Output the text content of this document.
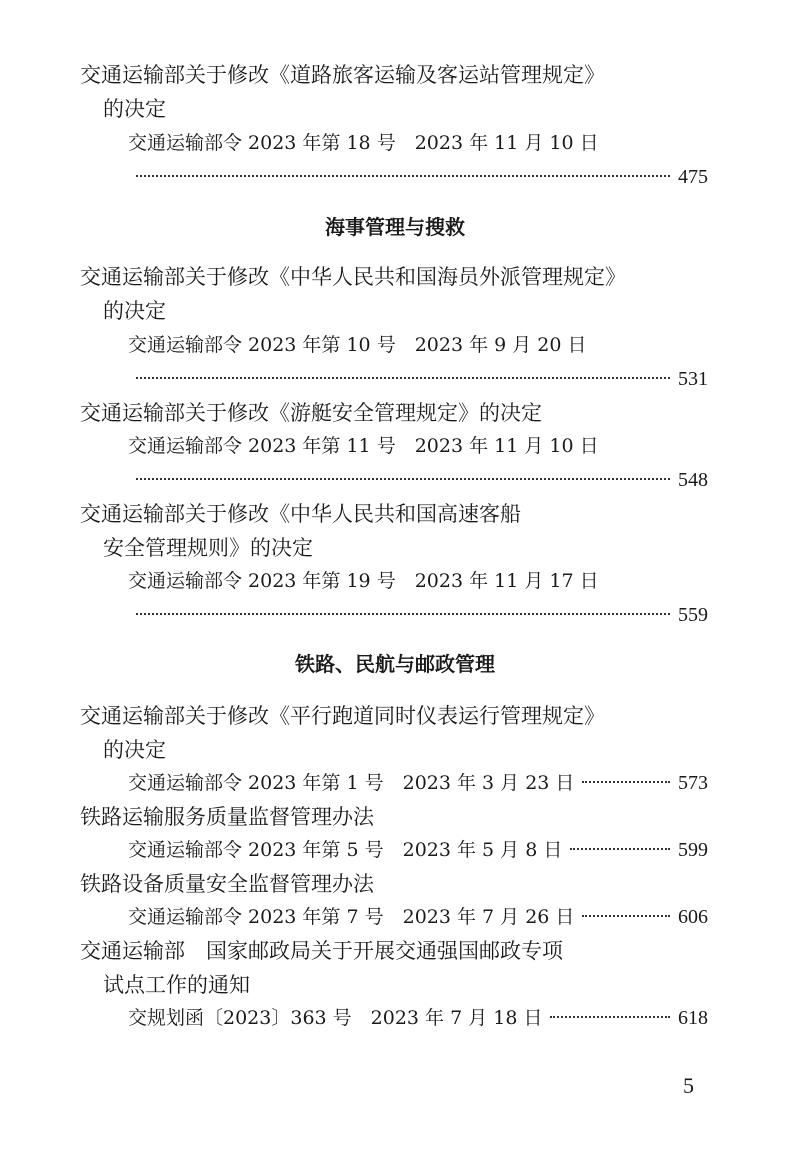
交通运输部关于修改《道路旅客运输及客运站管理规定》
的决定
交通运输部令 2023 年第 18 号　2023 年 11 月 10 日
475
海事管理与搜救
交通运输部关于修改《中华人民共和国海员外派管理规定》
的决定
交通运输部令 2023 年第 10 号　2023 年 9 月 20 日
531
交通运输部关于修改《游艇安全管理规定》的决定
交通运输部令 2023 年第 11 号　2023 年 11 月 10 日
548
交通运输部关于修改《中华人民共和国高速客船
安全管理规则》的决定
交通运输部令 2023 年第 19 号　2023 年 11 月 17 日
559
铁路、民航与邮政管理
交通运输部关于修改《平行跑道同时仪表运行管理规定》
的决定
交通运输部令 2023 年第 1 号　2023 年 3 月 23 日	573
铁路运输服务质量监督管理办法
交通运输部令 2023 年第 5 号　2023 年 5 月 8 日	599
铁路设备质量安全监督管理办法
交通运输部令 2023 年第 7 号　2023 年 7 月 26 日	606
交通运输部　国家邮政局关于开展交通强国邮政专项
试点工作的通知
交规划函〔2023〕363 号　2023 年 7 月 18 日	618
5
